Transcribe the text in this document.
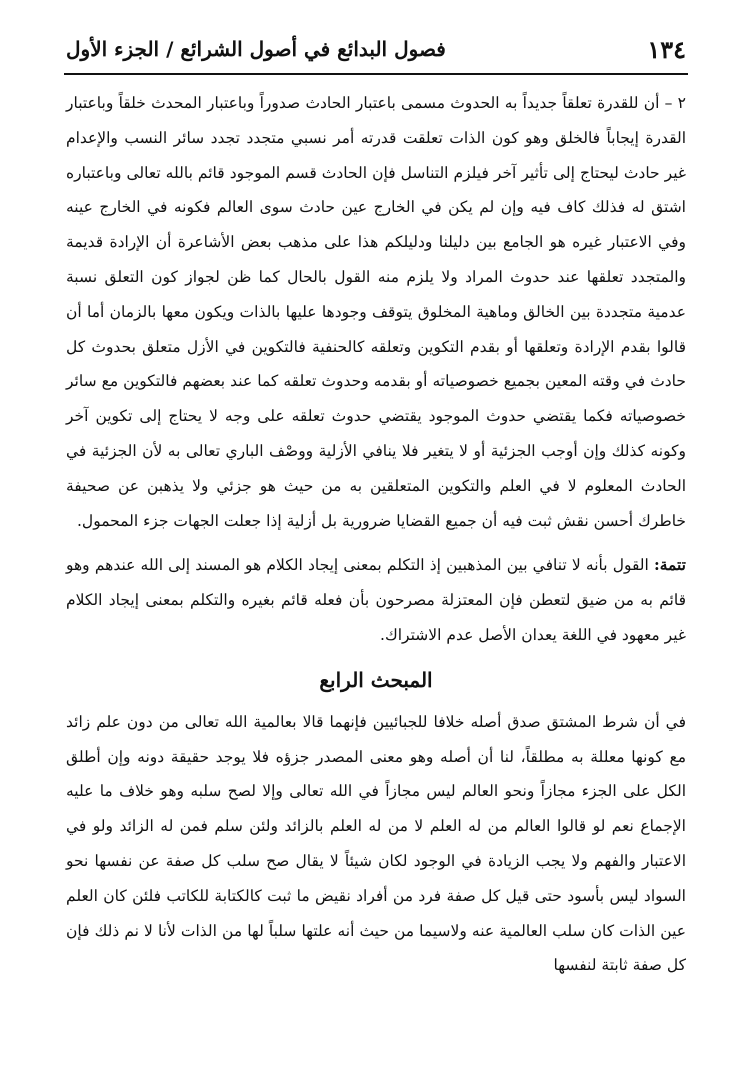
١٣٤
فصول البدائع في أصول الشرائع / الجزء الأول

٢ – أن للقدرة تعلقاً جديداً به الحدوث مسمى باعتبار الحادث صدوراً وباعتبار المحدث خلقاً وباعتبار القدرة إيجاباً فالخلق وهو كون الذات تعلقت قدرته أمر نسبي متجدد تجدد سائر النسب والإعدام غير حادث ليحتاج إلى تأثير آخر فيلزم التناسل فإن الحادث قسم الموجود قائم بالله تعالى وباعتباره اشتق له فذلك كاف فيه وإن لم يكن في الخارج عين حادث سوى العالم فكونه في الخارج عينه وفي الاعتبار غيره هو الجامع بين دليلنا ودليلكم هذا على مذهب بعض الأشاعرة أن الإرادة قديمة والمتجدد تعلقها عند حدوث المراد ولا يلزم منه القول بالحال كما ظن لجواز كون التعلق نسبة عدمية متجددة بين الخالق وماهية المخلوق يتوقف وجودها عليها بالذات ويكون معها بالزمان أما أن قالوا بقدم الإرادة وتعلقها أو بقدم التكوين وتعلقه كالحنفية فالتكوين في الأزل متعلق بحدوث كل حادث في وقته المعين بجميع خصوصياته أو بقدمه وحدوث تعلقه كما عند بعضهم فالتكوين مع سائر خصوصياته فكما يقتضي حدوث الموجود يقتضي حدوث تعلقه على وجه لا يحتاج إلى تكوين آخر وكونه كذلك وإن أوجب الجزئية أو لا يتغير فلا ينافي الأزلية ووصْف الباري تعالى به لأن الجزئية في الحادث المعلوم لا في العلم والتكوين المتعلقين به من حيث هو جزئي ولا يذهبن عن صحيفة خاطرك أحسن نقش ثبت فيه أن جميع القضايا ضرورية بل أزلية إذا جعلت الجهات جزء المحمول.

تتمة: القول بأنه لا تنافي بين المذهبين إذ التكلم بمعنى إيجاد الكلام هو المسند إلى الله عندهم وهو قائم به من ضيق لتعطن فإن المعتزلة مصرحون بأن فعله قائم بغيره والتكلم بمعنى إيجاد الكلام غير معهود في اللغة يعدان الأصل عدم الاشتراك.

المبحث الرابع

في أن شرط المشتق صدق أصله خلافا للجبائيين فإنهما قالا بعالمية الله تعالى من دون علم زائد مع كونها معللة به مطلقاً، لنا أن أصله وهو معنى المصدر جزؤه فلا يوجد حقيقة دونه وإن أطلق الكل على الجزء مجازاً ونحو العالم ليس مجازاً في الله تعالى وإلا لصح سلبه وهو خلاف ما عليه الإجماع نعم لو قالوا العالم من له العلم لا من له العلم بالزائد ولئن سلم فمن له الزائد ولو في الاعتبار والفهم ولا يجب الزيادة في الوجود لكان شيئاً لا يقال صح سلب كل صفة عن نفسها نحو السواد ليس بأسود حتى قيل كل صفة فرد من أفراد نقيض ما ثبت كالكتابة للكاتب فلئن كان العلم عين الذات كان سلب العالمية عنه ولاسيما من حيث أنه علتها سلباً لها من الذات لأنا لا نم ذلك فإن كل صفة ثابتة لنفسها
